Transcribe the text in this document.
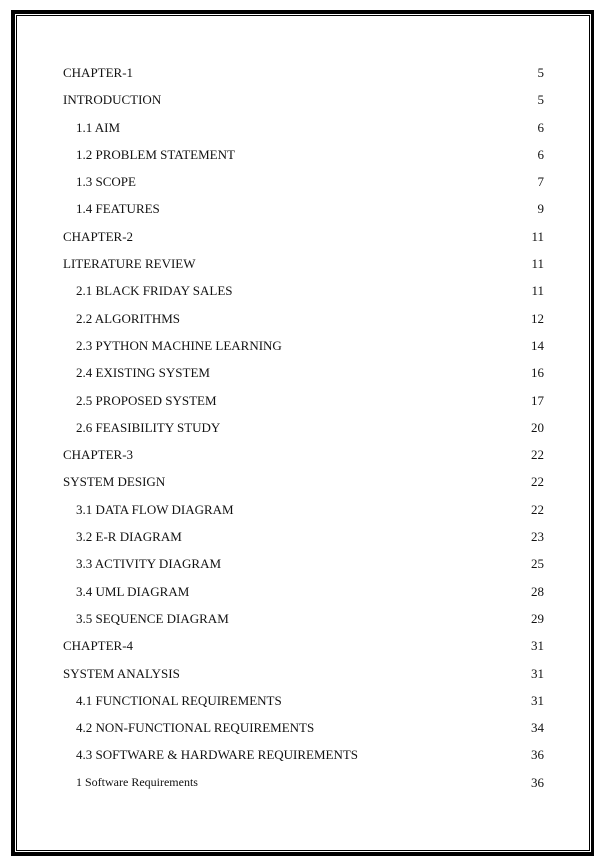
CHAPTER-1	5
INTRODUCTION	5
1.1 AIM	6
1.2 PROBLEM STATEMENT	6
1.3 SCOPE	7
1.4 FEATURES	9
CHAPTER-2	11
LITERATURE REVIEW	11
2.1 BLACK FRIDAY SALES	11
2.2 ALGORITHMS	12
2.3 PYTHON MACHINE LEARNING	14
2.4 EXISTING SYSTEM	16
2.5 PROPOSED SYSTEM	17
2.6 FEASIBILITY STUDY	20
CHAPTER-3	22
SYSTEM DESIGN	22
3.1 DATA FLOW DIAGRAM	22
3.2 E-R DIAGRAM	23
3.3 ACTIVITY DIAGRAM	25
3.4 UML DIAGRAM	28
3.5 SEQUENCE DIAGRAM	29
CHAPTER-4	31
SYSTEM ANALYSIS	31
4.1 FUNCTIONAL REQUIREMENTS	31
4.2 NON-FUNCTIONAL REQUIREMENTS	34
4.3 SOFTWARE & HARDWARE REQUIREMENTS	36
1 Software Requirements	36
